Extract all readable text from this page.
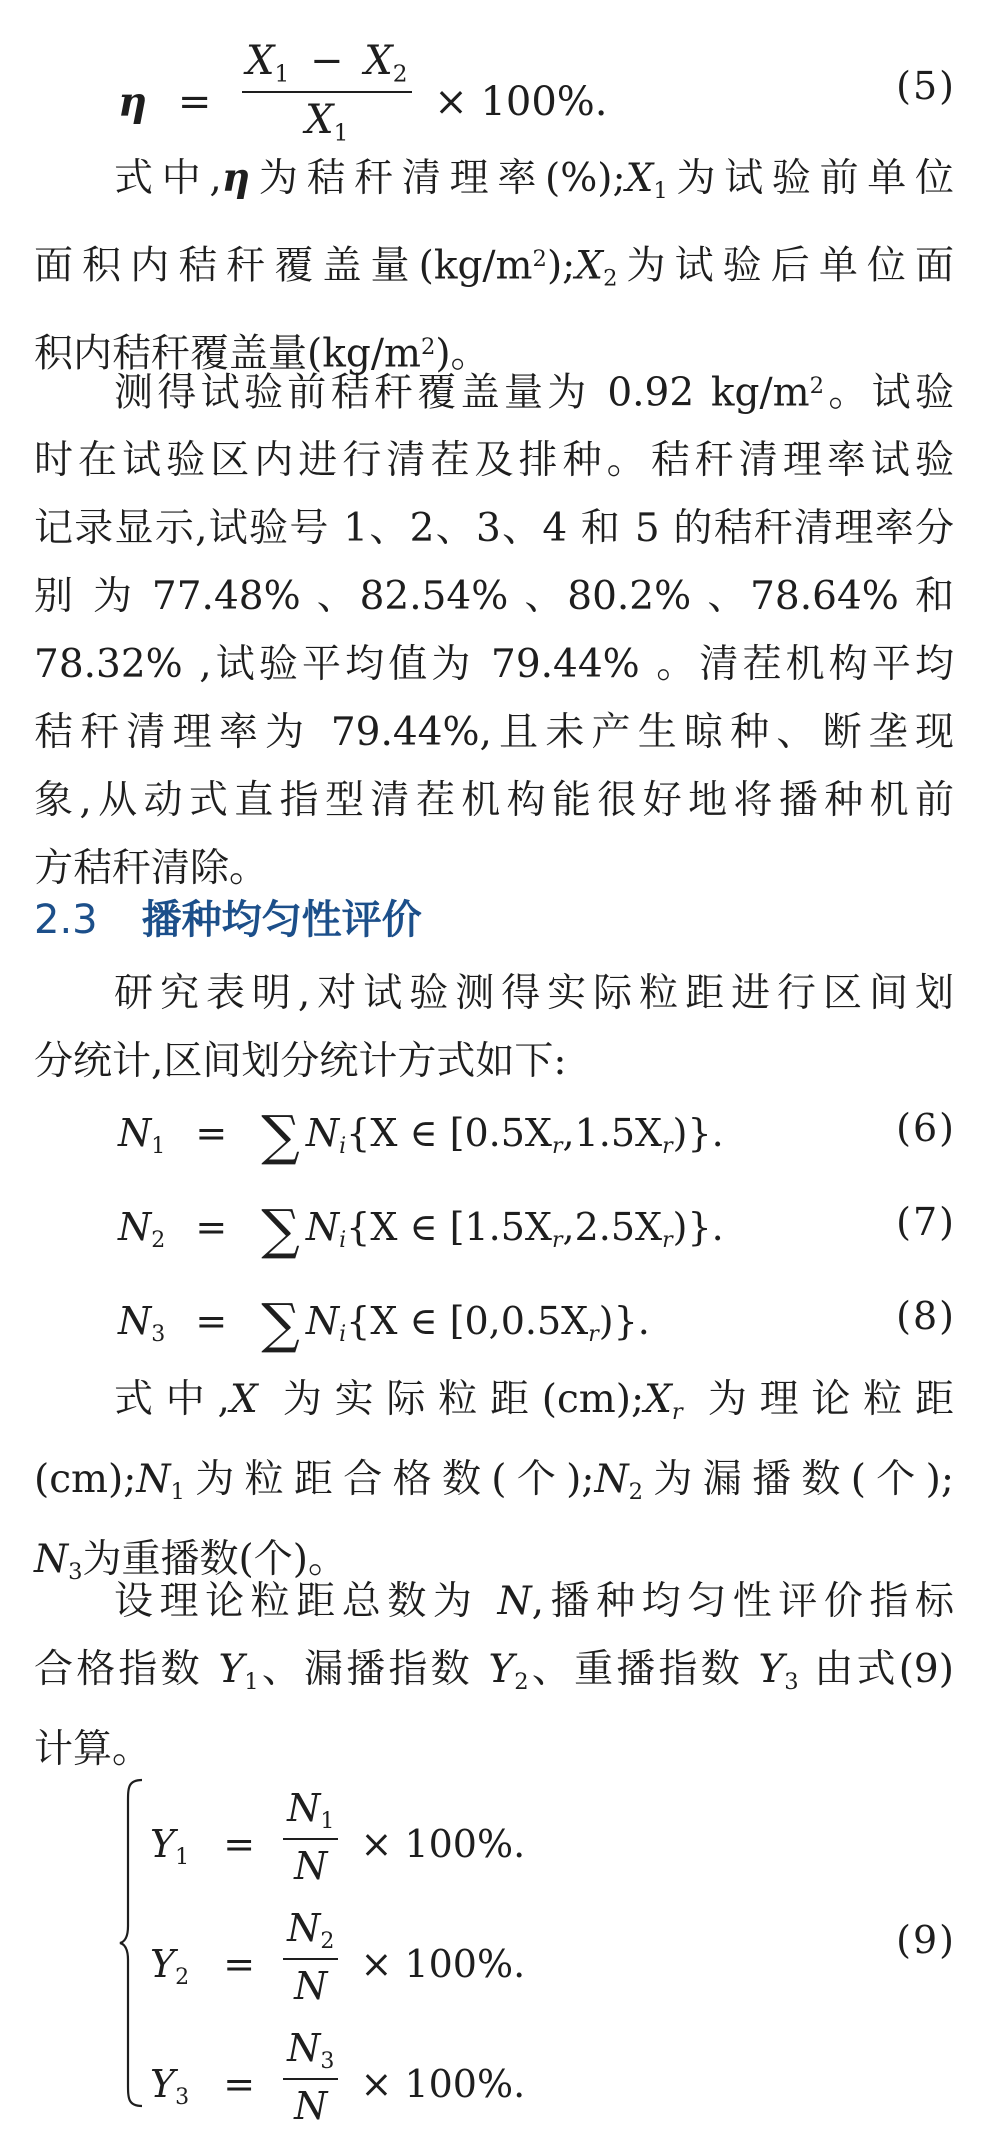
$\eta = \frac{X_1 - X_2}{X_1} \times 100\%$.	(5)
式中,η为秸秆清理率$(\%);X_1$为试验前单位
面积内秸秆覆盖量$(kg/m^2);X_2$为试验后单位面
积内秸秆覆盖量$(kg/m^2)$。
测得试验前秸秆覆盖量为 0.92 $kg/m^2$。试验
时在试验区内进行清茬及排种。秸秆清理率试验
记录显示,试验号 1、2、3、4 和 5 的秸秆清理率分
别 为 77.48% 、82.54% 、80.2% 、78.64% 和
78.32% ,试验平均值为 79.44% 。清茬机构平均
秸秆清理率为 79.44%,且未产生晾种、断垄现
象,从动式直指型清茬机构能很好地将播种机前
方秸秆清除。
2.3 播种均匀性评价
研究表明,对试验测得实际粒距进行区间划
分统计,区间划分统计方式如下:
$N_1$ = ∑ Ni{X ∈ [0.5Xr,1.5Xr)}.	(6)
$N_2$ = ∑ Ni{X ∈ [1.5Xr,2.5Xr)}.	(7)
$N_3$ = ∑ Ni{X ∈ [0,0.5Xr)}.	(8)
式中,X 为实际粒距(cm);Xr 为理论粒距
$(cm);N_1$为粒距合格数(个)$;N_2$为漏播数(个);
$N_3$为重播数(个)。
设理论粒距总数为 N,播种均匀性评价指标
合格指数 $Y_1$、漏播指数 $Y_2$、重播指数 $Y_3$ 由式(9)
计算。
$Y_1 = \frac{N_1}{N} \times 100\%$.
$Y_2 = \frac{N_2}{N} \times 100\%$.
$Y_3 = \frac{N_3}{N} \times 100\%$.
(9)
